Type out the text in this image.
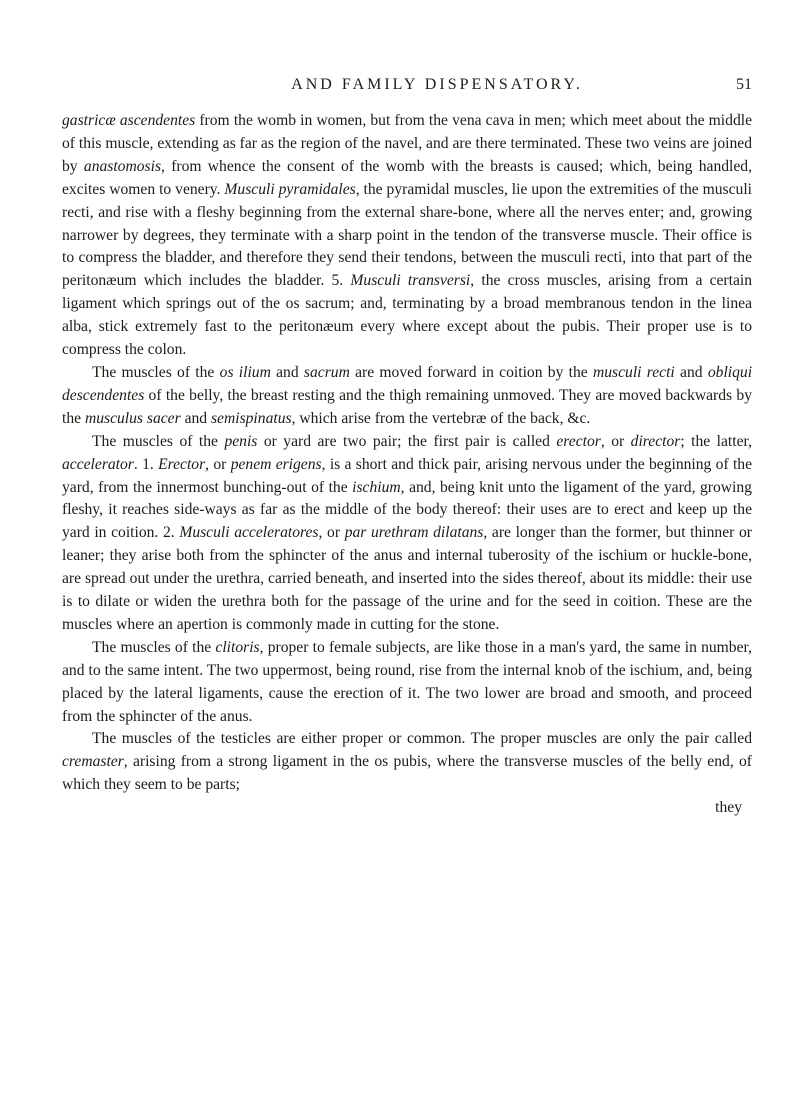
AND FAMILY DISPENSATORY.	51

gastricæ ascendentes from the womb in women, but from the vena cava in men; which meet about the middle of this muscle, extending as far as the region of the navel, and are there terminated. These two veins are joined by anastomosis, from whence the consent of the womb with the breasts is caused; which, being handled, excites women to venery. Musculi pyramidales, the pyramidal muscles, lie upon the extremities of the musculi recti, and rise with a fleshy beginning from the external share-bone, where all the nerves enter; and, growing narrower by degrees, they terminate with a sharp point in the tendon of the transverse muscle. Their office is to compress the bladder, and therefore they send their tendons, between the musculi recti, into that part of the peritonæum which includes the bladder. 5. Musculi transversi, the cross muscles, arising from a certain ligament which springs out of the os sacrum; and, terminating by a broad membranous tendon in the linea alba, stick extremely fast to the peritonæum every where except about the pubis. Their proper use is to compress the colon.

The muscles of the os ilium and sacrum are moved forward in coition by the musculi recti and obliqui descendentes of the belly, the breast resting and the thigh remaining unmoved. They are moved backwards by the musculus sacer and semispinatus, which arise from the vertebræ of the back, &c.

The muscles of the penis or yard are two pair; the first pair is called erector, or director; the latter, accelerator. 1. Erector, or penem erigens, is a short and thick pair, arising nervous under the beginning of the yard, from the innermost bunching-out of the ischium, and, being knit unto the ligament of the yard, growing fleshy, it reaches side-ways as far as the middle of the body thereof: their uses are to erect and keep up the yard in coition. 2. Musculi acceleratores, or par urethram dilatans, are longer than the former, but thinner or leaner; they arise both from the sphincter of the anus and internal tuberosity of the ischium or huckle-bone, are spread out under the urethra, carried beneath, and inserted into the sides thereof, about its middle: their use is to dilate or widen the urethra both for the passage of the urine and for the seed in coition. These are the muscles where an apertion is commonly made in cutting for the stone.

The muscles of the clitoris, proper to female subjects, are like those in a man's yard, the same in number, and to the same intent. The two uppermost, being round, rise from the internal knob of the ischium, and, being placed by the lateral ligaments, cause the erection of it. The two lower are broad and smooth, and proceed from the sphincter of the anus.

The muscles of the testicles are either proper or common. The proper muscles are only the pair called cremaster, arising from a strong ligament in the os pubis, where the transverse muscles of the belly end, of which they seem to be parts;

they
